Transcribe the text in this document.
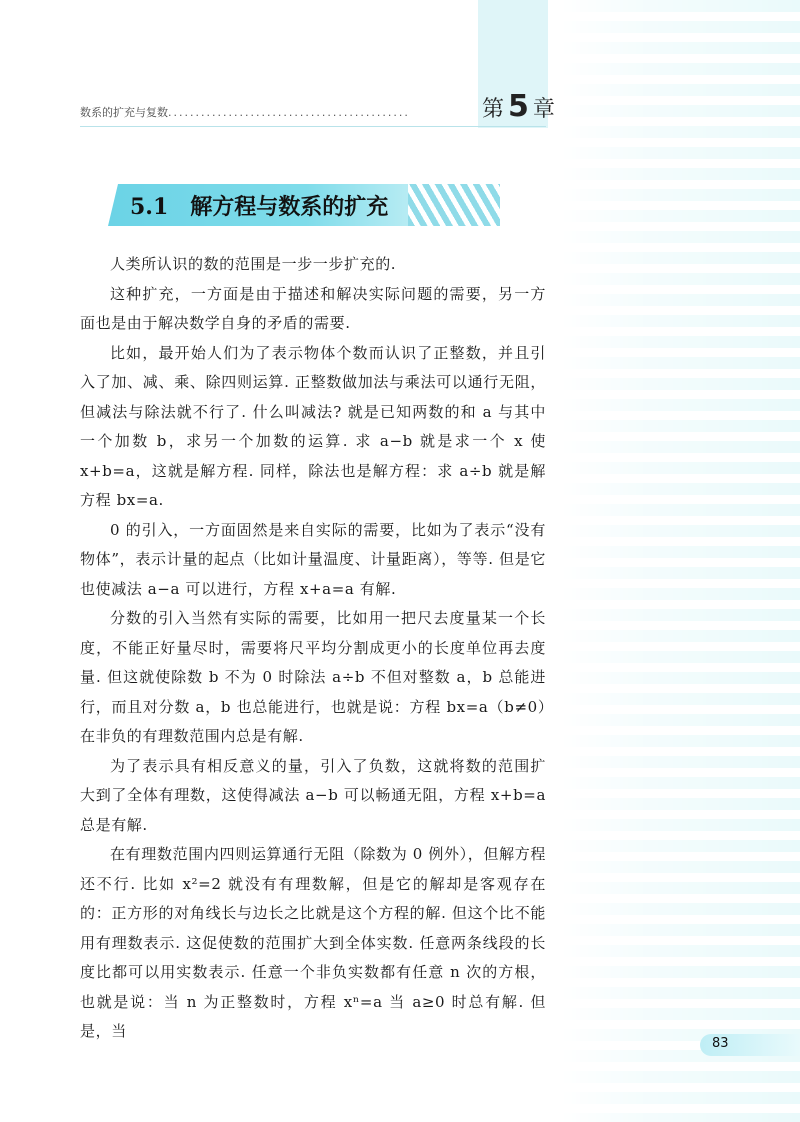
第 5 章
数系的扩充与复数............................................
5.1 解方程与数系的扩充

人类所认识的数的范围是一步一步扩充的.

这种扩充，一方面是由于描述和解决实际问题的需要，另一方面也是由于解决数学自身的矛盾的需要.

比如，最开始人们为了表示物体个数而认识了正整数，并且引入了加、减、乘、除四则运算. 正整数做加法与乘法可以通行无阻，但减法与除法就不行了. 什么叫减法? 就是已知两数的和 a 与其中一个加数 b，求另一个加数的运算. 求 a−b 就是求一个 x 使 x+b=a，这就是解方程. 同样，除法也是解方程：求 a÷b 就是解方程 bx=a.

0 的引入，一方面固然是来自实际的需要，比如为了表示“没有物体”，表示计量的起点（比如计量温度、计量距离），等等. 但是它也使减法 a−a 可以进行，方程 x+a=a 有解.

分数的引入当然有实际的需要，比如用一把尺去度量某一个长度，不能正好量尽时，需要将尺平均分割成更小的长度单位再去度量. 但这就使除数 b 不为 0 时除法 a÷b 不但对整数 a，b 总能进行，而且对分数 a，b 也总能进行，也就是说：方程 bx=a（b≠0）在非负的有理数范围内总是有解.

为了表示具有相反意义的量，引入了负数，这就将数的范围扩大到了全体有理数，这使得减法 a−b 可以畅通无阻，方程 x+b=a 总是有解.

在有理数范围内四则运算通行无阻（除数为 0 例外），但解方程还不行. 比如 x²=2 就没有有理数解，但是它的解却是客观存在的：正方形的对角线长与边长之比就是这个方程的解. 但这个比不能用有理数表示. 这促使数的范围扩大到全体实数. 任意两条线段的长度比都可以用实数表示. 任意一个非负实数都有任意 n 次的方根，也就是说：当 n 为正整数时，方程 xⁿ=a 当 a≥0 时总有解. 但是，当

83
